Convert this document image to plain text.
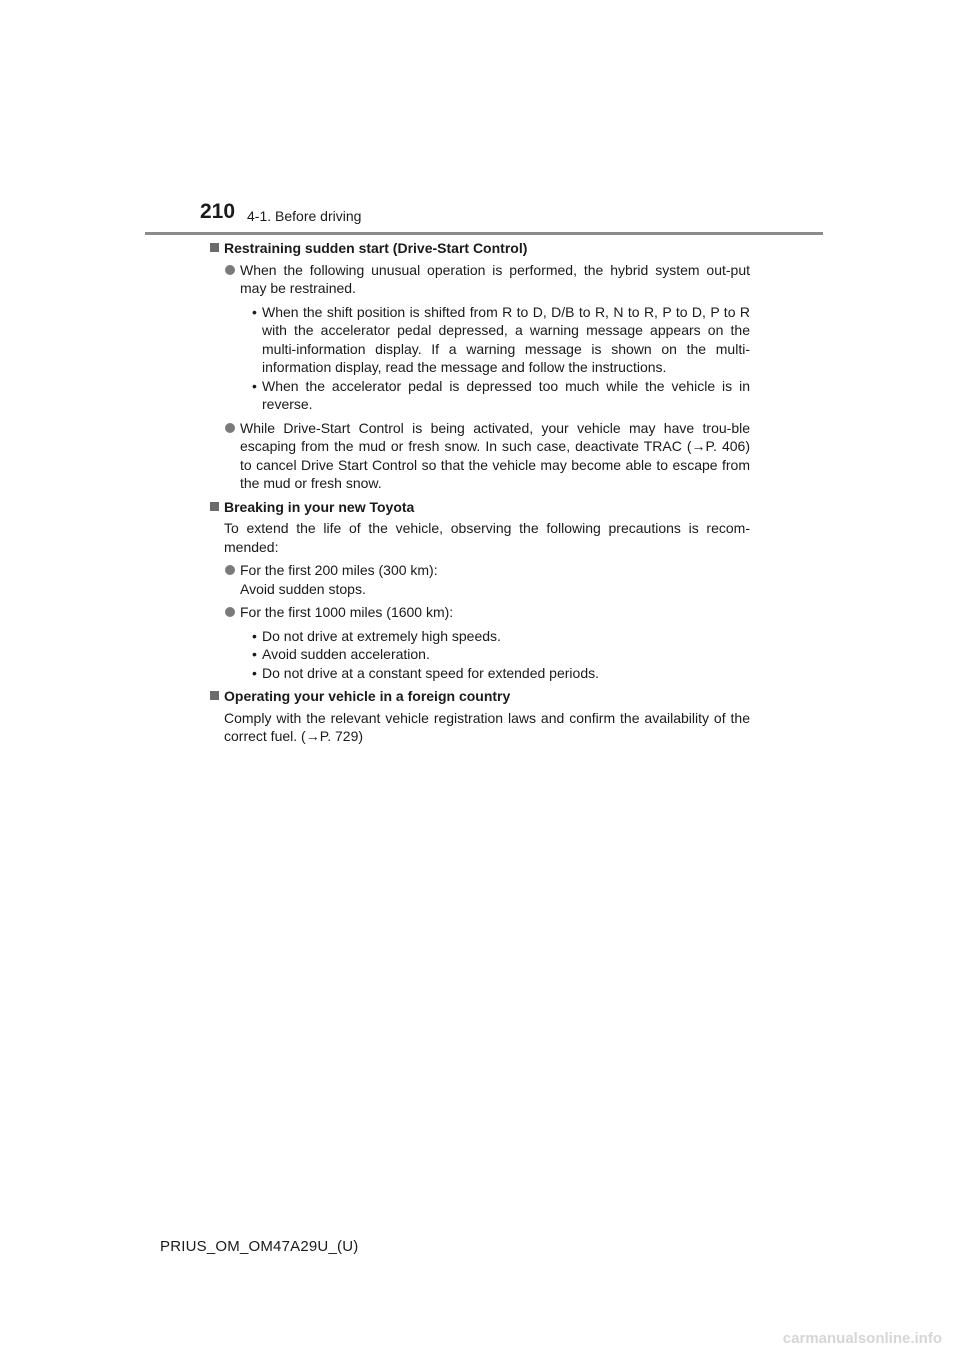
210 4-1. Before driving
Restraining sudden start (Drive-Start Control)
When the following unusual operation is performed, the hybrid system out-put may be restrained.
• When the shift position is shifted from R to D, D/B to R, N to R, P to D, P to R with the accelerator pedal depressed, a warning message appears on the multi-information display. If a warning message is shown on the multi-information display, read the message and follow the instructions.
• When the accelerator pedal is depressed too much while the vehicle is in reverse.
While Drive-Start Control is being activated, your vehicle may have trou-ble escaping from the mud or fresh snow. In such case, deactivate TRAC (→P. 406) to cancel Drive Start Control so that the vehicle may become able to escape from the mud or fresh snow.
Breaking in your new Toyota
To extend the life of the vehicle, observing the following precautions is recom-mended:
For the first 200 miles (300 km):
Avoid sudden stops.
For the first 1000 miles (1600 km):
• Do not drive at extremely high speeds.
• Avoid sudden acceleration.
• Do not drive at a constant speed for extended periods.
Operating your vehicle in a foreign country
Comply with the relevant vehicle registration laws and confirm the availability of the correct fuel. (→P. 729)
PRIUS_OM_OM47A29U_(U)
carmanualsonline.info
